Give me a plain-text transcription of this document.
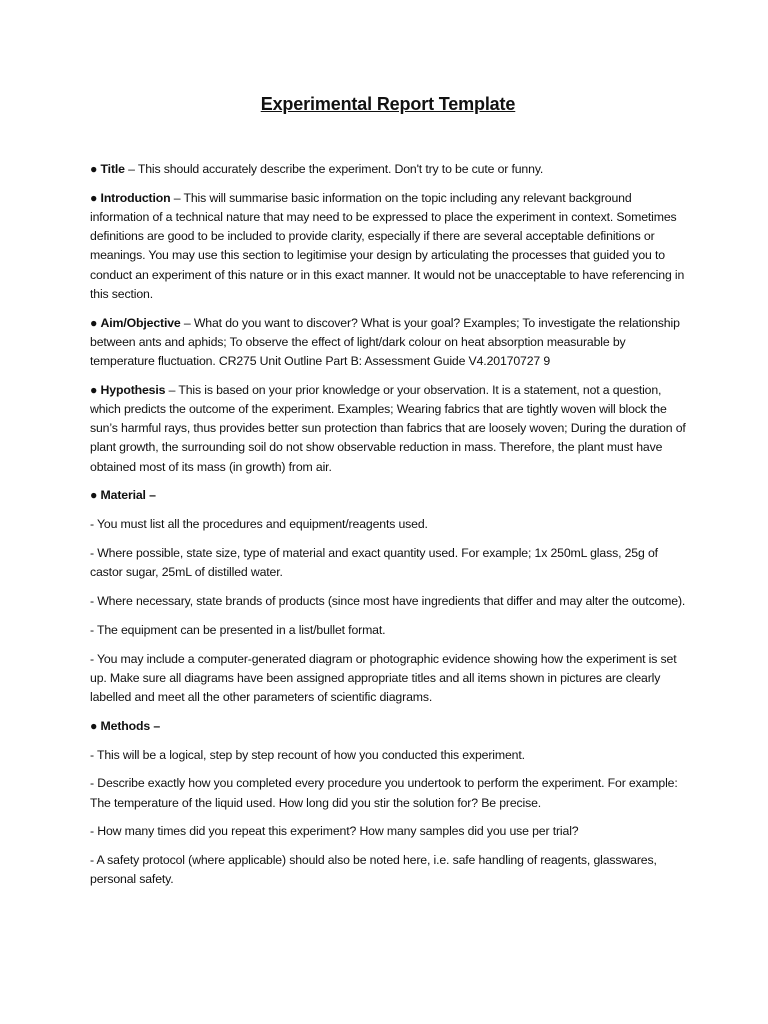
Experimental Report Template

● Title – This should accurately describe the experiment. Don't try to be cute or funny.

● Introduction – This will summarise basic information on the topic including any relevant background information of a technical nature that may need to be expressed to place the experiment in context. Sometimes definitions are good to be included to provide clarity, especially if there are several acceptable definitions or meanings. You may use this section to legitimise your design by articulating the processes that guided you to conduct an experiment of this nature or in this exact manner. It would not be unacceptable to have referencing in this section.

● Aim/Objective – What do you want to discover? What is your goal? Examples; To investigate the relationship between ants and aphids; To observe the effect of light/dark colour on heat absorption measurable by temperature fluctuation. CR275 Unit Outline Part B: Assessment Guide V4.20170727 9

● Hypothesis – This is based on your prior knowledge or your observation. It is a statement, not a question, which predicts the outcome of the experiment. Examples; Wearing fabrics that are tightly woven will block the sun’s harmful rays, thus provides better sun protection than fabrics that are loosely woven; During the duration of plant growth, the surrounding soil do not show observable reduction in mass. Therefore, the plant must have obtained most of its mass (in growth) from air.

● Material –

- You must list all the procedures and equipment/reagents used.

- Where possible, state size, type of material and exact quantity used. For example; 1x 250mL glass, 25g of castor sugar, 25mL of distilled water.

- Where necessary, state brands of products (since most have ingredients that differ and may alter the outcome).

- The equipment can be presented in a list/bullet format.

- You may include a computer-generated diagram or photographic evidence showing how the experiment is set up. Make sure all diagrams have been assigned appropriate titles and all items shown in pictures are clearly labelled and meet all the other parameters of scientific diagrams.

● Methods –

- This will be a logical, step by step recount of how you conducted this experiment.

- Describe exactly how you completed every procedure you undertook to perform the experiment. For example: The temperature of the liquid used. How long did you stir the solution for? Be precise.

- How many times did you repeat this experiment? How many samples did you use per trial?

- A safety protocol (where applicable) should also be noted here, i.e. safe handling of reagents, glasswares, personal safety.
